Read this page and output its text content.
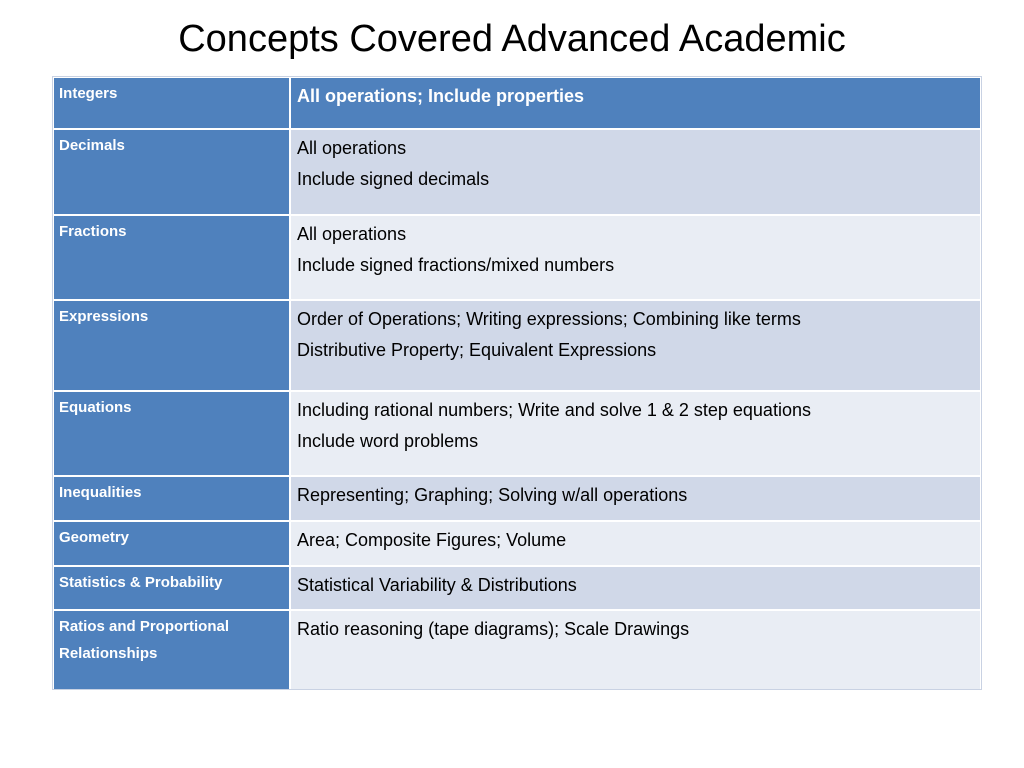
Concepts Covered Advanced Academic
Integers	All operations; Include properties

Decimals	All operations
Include signed decimals

Fractions	All operations
Include signed fractions/mixed numbers

Expressions	Order of Operations; Writing expressions; Combining like terms
Distributive Property; Equivalent Expressions

Equations	Including rational numbers; Write and solve 1 & 2 step equations
Include word problems

Inequalities	Representing; Graphing; Solving w/all operations

Geometry	Area; Composite Figures; Volume

Statistics & Probability	Statistical Variability & Distributions

Ratios and Proportional Relationships	Ratio reasoning (tape diagrams); Scale Drawings
